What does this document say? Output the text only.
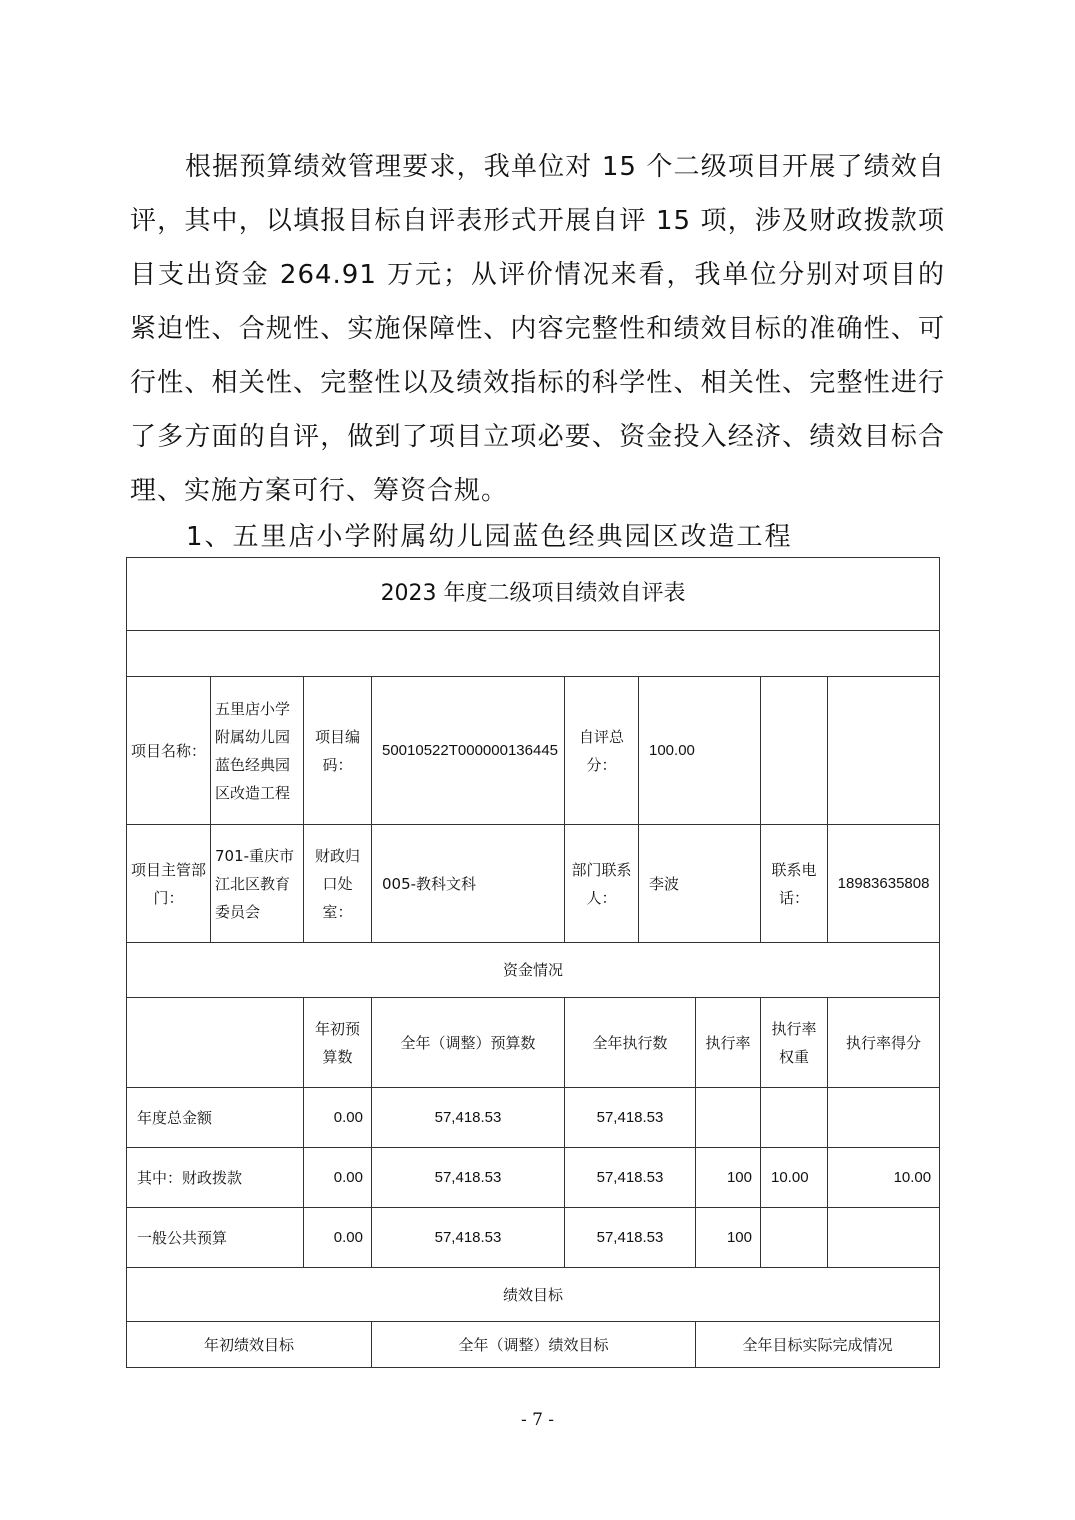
根据预算绩效管理要求，我单位对 15 个二级项目开展了绩效自评，其中，以填报目标自评表形式开展自评 15 项，涉及财政拨款项目支出资金 264.91 万元；从评价情况来看，我单位分别对项目的紧迫性、合规性、实施保障性、内容完整性和绩效目标的准确性、可行性、相关性、完整性以及绩效指标的科学性、相关性、完整性进行了多方面的自评，做到了项目立项必要、资金投入经济、绩效目标合理、实施方案可行、筹资合规。

1、五里店小学附属幼儿园蓝色经典园区改造工程
2023 年度二级项目绩效自评表								

项目名称：	五里店小学附属幼儿园蓝色经典园区改造工程	项目编码：	50010522T000000136445	自评总分：	100.00			
项目主管部门：	701-重庆市江北区教育委员会	财政归口处室：	005-教科文科	部门联系人：	李波		联系电话：	18983635808
资金情况								
		年初预算数	全年（调整）预算数	全年执行数		执行率	执行率权重	执行率得分
年度总金额		0.00	57,418.53	57,418.53				
其中：财政拨款		0.00	57,418.53	57,418.53		100	10.00	10.00
一般公共预算		0.00	57,418.53	57,418.53		100		
绩效目标								
年初绩效目标			全年（调整）绩效目标			全年目标实际完成情况		
- 7 -
